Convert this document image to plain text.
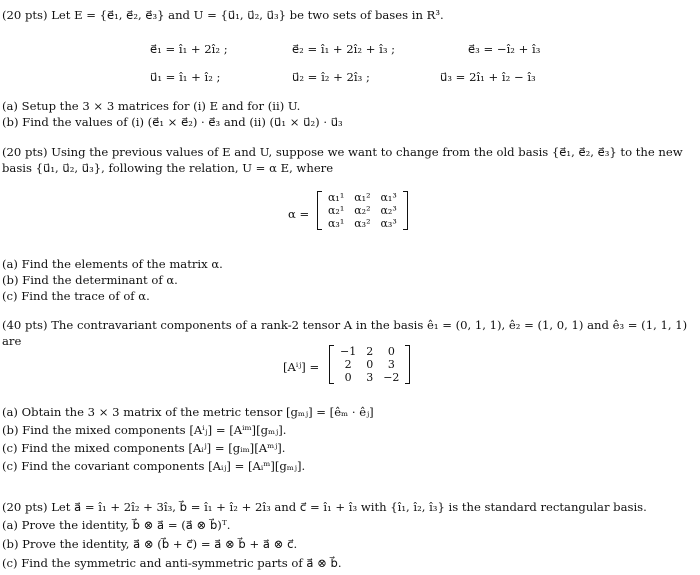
(20 pts) Let E = {e⃗₁, e⃗₂, e⃗₃} and U = {u⃗₁, u⃗₂, u⃗₃} be two sets of bases in R³.
e⃗₁ = î₁ + 2î₂ ;	e⃗₂ = î₁ + 2î₂ + î₃ ;	e⃗₃ = −î₂ + î₃
u⃗₁ = î₁ + î₂ ;	u⃗₂ = î₂ + 2î₃ ;	u⃗₃ = 2î₁ + î₂ − î₃
(a) Setup the 3 × 3 matrices for (i) E and for (ii) U.
(b) Find the values of (i) (e⃗₁ × e⃗₂) · e⃗₃ and (ii) (u⃗₁ × u⃗₂) · u⃗₃
(20 pts) Using the previous values of E and U, suppose we want to change from the old basis {e⃗₁, e⃗₂, e⃗₃} to the new
basis {u⃗₁, u⃗₂, u⃗₃}, following the relation, U = α E, where
α =
α₁¹	α₁²	α₁³
α₂¹	α₂²	α₂³
α₃¹	α₃²	α₃³
(a) Find the elements of the matrix α.
(b) Find the determinant of α.
(c) Find the trace of of α.
(40 pts) The contravariant components of a rank-2 tensor A in the basis ê₁ = (0, 1, 1), ê₂ = (1, 0, 1) and ê₃ = (1, 1, 1)
are
[Aⁱʲ] =
−1	2	0
2	0	3
0	3	−2
(a) Obtain the 3 × 3 matrix of the metric tensor [gₘⱼ] = [êₘ · êⱼ]
(b) Find the mixed components [Aⁱⱼ] = [Aⁱᵐ][gₘⱼ].
(c) Find the mixed components [Aᵢʲ] = [gᵢₘ][Aᵐʲ].
(c) Find the covariant components [Aᵢⱼ] = [Aᵢᵐ][gₘⱼ].
(20 pts) Let a⃗ = î₁ + 2î₂ + 3î₃, b⃗ = î₁ + î₂ + 2î₃ and c⃗ = î₁ + î₃ with {î₁, î₂, î₃} is the standard rectangular basis.
(a) Prove the identity, b⃗ ⊗ a⃗ = (a⃗ ⊗ b⃗)ᵀ.
(b) Prove the identity, a⃗ ⊗ (b⃗ + c⃗) = a⃗ ⊗ b⃗ + a⃗ ⊗ c⃗.
(c) Find the symmetric and anti-symmetric parts of a⃗ ⊗ b⃗.
